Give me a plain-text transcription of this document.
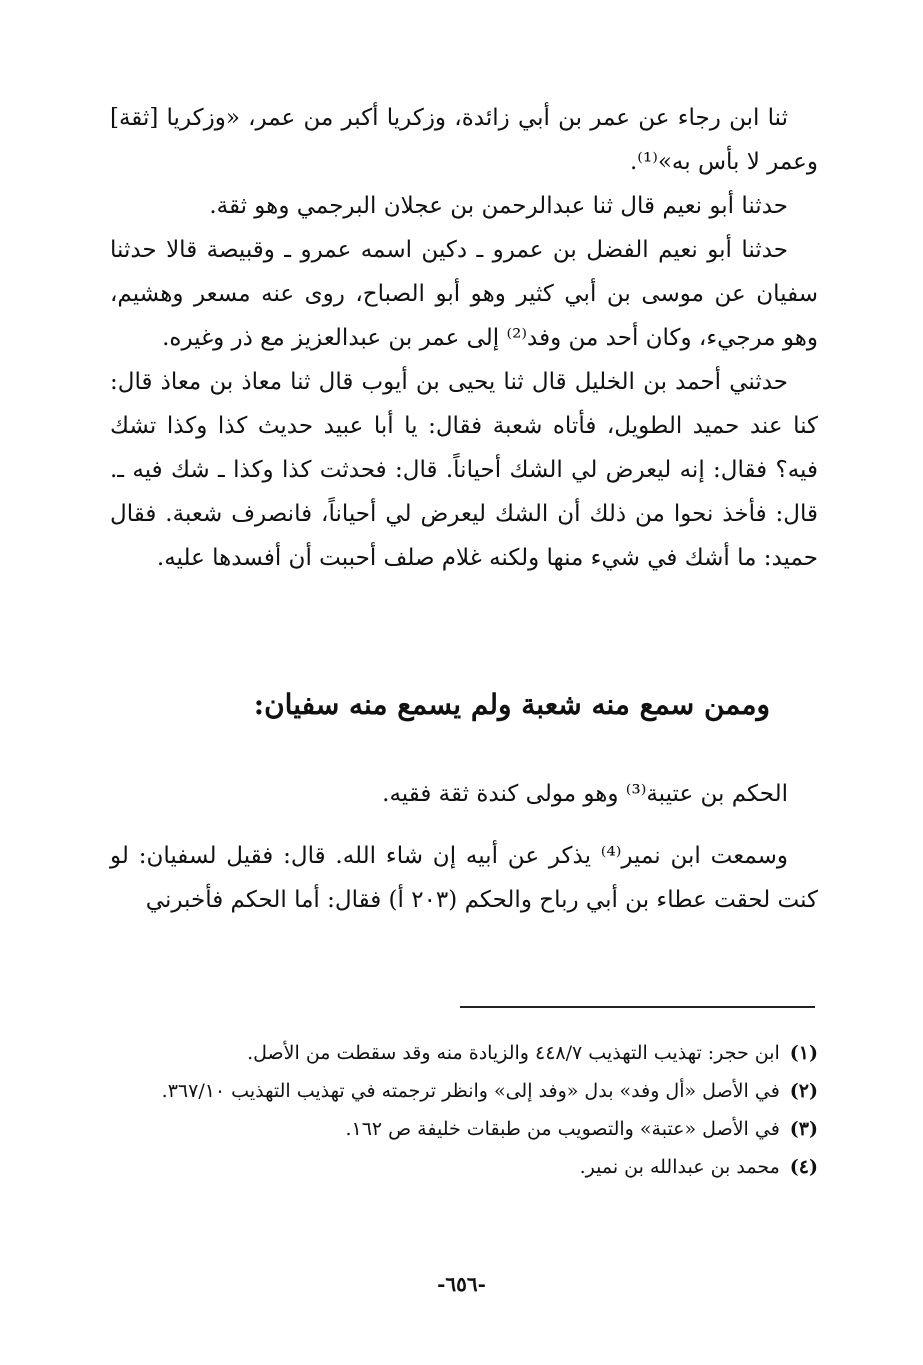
ثنا ابن رجاء عن عمر بن أبي زائدة، وزكريا أكبر من عمر، «وزكريا [ثقة] وعمر لا بأس به»⁽¹⁾.

حدثنا أبو نعيم قال ثنا عبدالرحمن بن عجلان البرجمي وهو ثقة.

حدثنا أبو نعيم الفضل بن عمرو ـ دكين اسمه عمرو ـ وقبيصة قالا حدثنا سفيان عن موسى بن أبي كثير وهو أبو الصباح، روى عنه مسعر وهشيم، وهو مرجيء، وكان أحد من وفد⁽²⁾ إلى عمر بن عبدالعزيز مع ذر وغيره.

حدثني أحمد بن الخليل قال ثنا يحيى بن أيوب قال ثنا معاذ بن معاذ قال: كنا عند حميد الطويل، فأتاه شعبة فقال: يا أبا عبيد حديث كذا وكذا تشك فيه؟ فقال: إنه ليعرض لي الشك أحياناً. قال: فحدثت كذا وكذا ـ شك فيه ـ. قال: فأخذ نحوا من ذلك أن الشك ليعرض لي أحياناً، فانصرف شعبة. فقال حميد: ما أشك في شيء منها ولكنه غلام صلف أحببت أن أفسدها عليه.

وممن سمع منه شعبة ولم يسمع منه سفيان:

الحكم بن عتيبة⁽³⁾ وهو مولى كندة ثقة فقيه.

وسمعت ابن نمير⁽⁴⁾ يذكر عن أبيه إن شاء الله. قال: فقيل لسفيان: لو كنت لحقت عطاء بن أبي رباح والحكم (٢٠٣ أ) فقال: أما الحكم فأخبرني

(١)
ابن حجر: تهذيب التهذيب ٤٤٨/٧ والزيادة منه وقد سقطت من الأصل.
(٢)
في الأصل «أل وفد» بدل «وفد إلى» وانظر ترجمته في تهذيب التهذيب ٣٦٧/١٠.
(٣)
في الأصل «عتبة» والتصويب من طبقات خليفة ص ١٦٢.
(٤)
محمد بن عبدالله بن نمير.
-٦٥٦-
